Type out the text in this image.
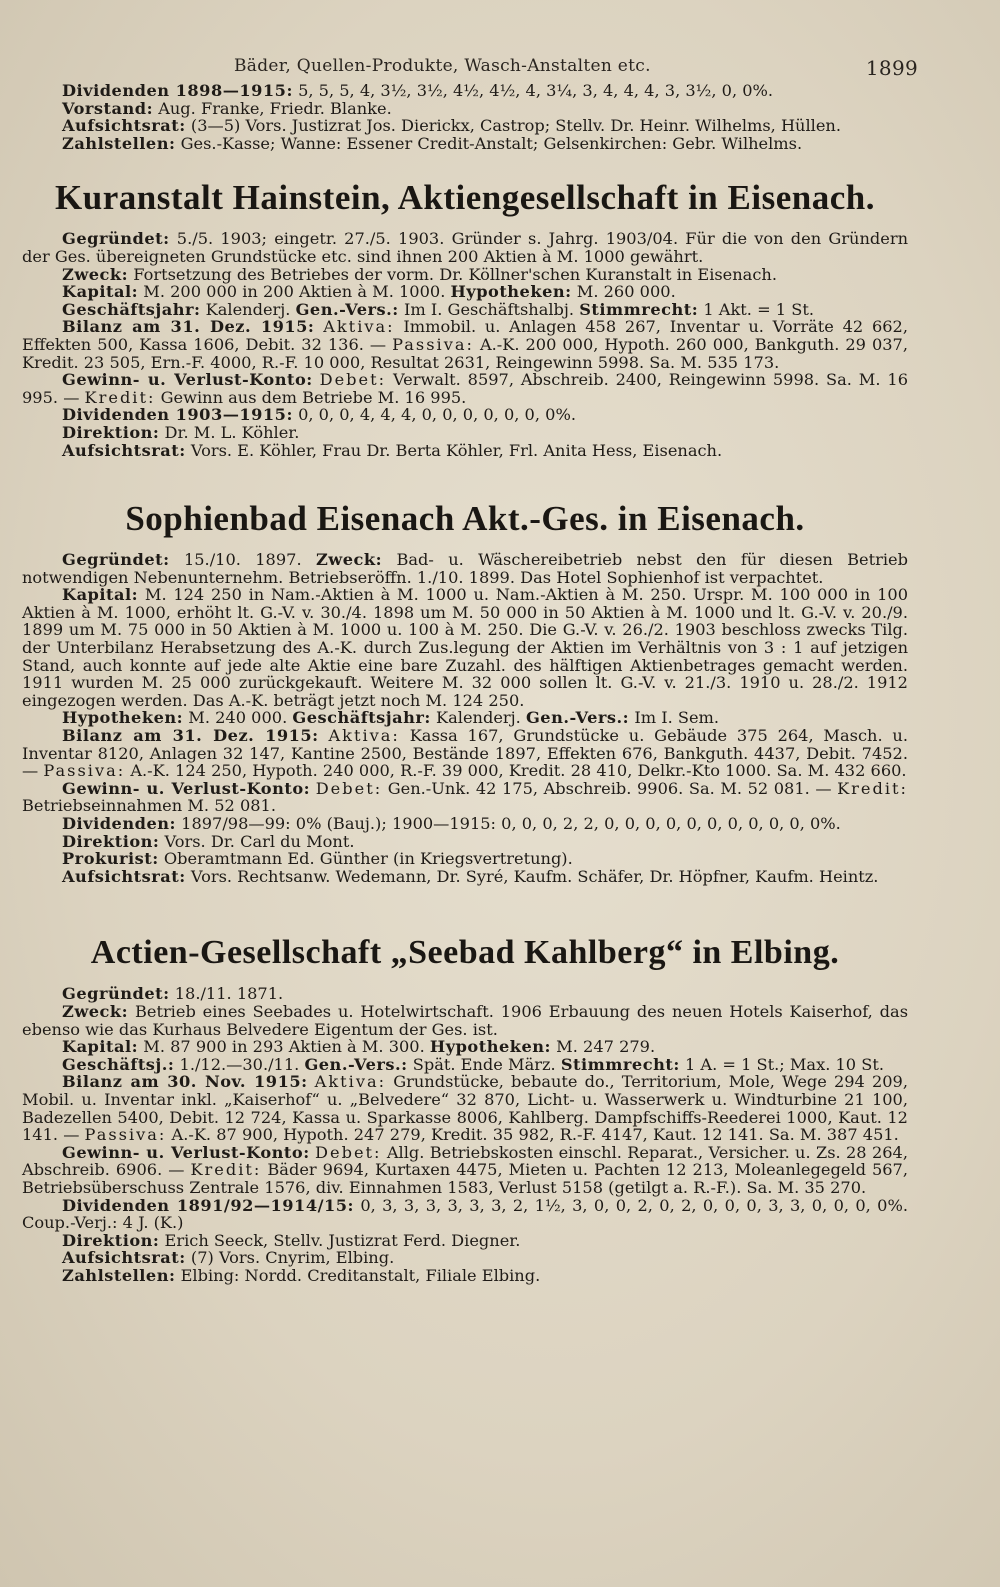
Bäder, Quellen-Produkte, Wasch-Anstalten etc.	1899

Dividenden 1898—1915: 5, 5, 5, 4, 3½, 3½, 4½, 4½, 4, 3¼, 3, 4, 4, 4, 3, 3½, 0, 0%.

Vorstand: Aug. Franke, Friedr. Blanke.

Aufsichtsrat: (3—5) Vors. Justizrat Jos. Dierickx, Castrop; Stellv. Dr. Heinr. Wilhelms, Hüllen.

Zahlstellen: Ges.-Kasse; Wanne: Essener Credit-Anstalt; Gelsenkirchen: Gebr. Wilhelms.

Kuranstalt Hainstein, Aktiengesellschaft in Eisenach.

Gegründet: 5./5. 1903; eingetr. 27./5. 1903. Gründer s. Jahrg. 1903/04. Für die von den Gründern der Ges. übereigneten Grundstücke etc. sind ihnen 200 Aktien à M. 1000 gewährt.

Zweck: Fortsetzung des Betriebes der vorm. Dr. Köllner'schen Kuranstalt in Eisenach.

Kapital: M. 200 000 in 200 Aktien à M. 1000. Hypotheken: M. 260 000.

Geschäftsjahr: Kalenderj. Gen.-Vers.: Im I. Geschäftshalbj. Stimmrecht: 1 Akt. = 1 St.

Bilanz am 31. Dez. 1915: Aktiva: Immobil. u. Anlagen 458 267, Inventar u. Vorräte 42 662, Effekten 500, Kassa 1606, Debit. 32 136. — Passiva: A.-K. 200 000, Hypoth. 260 000, Bankguth. 29 037, Kredit. 23 505, Ern.-F. 4000, R.-F. 10 000, Resultat 2631, Reingewinn 5998. Sa. M. 535 173.

Gewinn- u. Verlust-Konto: Debet: Verwalt. 8597, Abschreib. 2400, Reingewinn 5998. Sa. M. 16 995. — Kredit: Gewinn aus dem Betriebe M. 16 995.

Dividenden 1903—1915: 0, 0, 0, 4, 4, 4, 0, 0, 0, 0, 0, 0, 0%.

Direktion: Dr. M. L. Köhler.

Aufsichtsrat: Vors. E. Köhler, Frau Dr. Berta Köhler, Frl. Anita Hess, Eisenach.

Sophienbad Eisenach Akt.-Ges. in Eisenach.

Gegründet: 15./10. 1897. Zweck: Bad- u. Wäschereibetrieb nebst den für diesen Betrieb notwendigen Nebenunternehm. Betriebseröffn. 1./10. 1899. Das Hotel Sophienhof ist verpachtet.

Kapital: M. 124 250 in Nam.-Aktien à M. 1000 u. Nam.-Aktien à M. 250. Urspr. M. 100 000 in 100 Aktien à M. 1000, erhöht lt. G.-V. v. 30./4. 1898 um M. 50 000 in 50 Aktien à M. 1000 und lt. G.-V. v. 20./9. 1899 um M. 75 000 in 50 Aktien à M. 1000 u. 100 à M. 250. Die G.-V. v. 26./2. 1903 beschloss zwecks Tilg. der Unterbilanz Herabsetzung des A.-K. durch Zus.legung der Aktien im Verhältnis von 3 : 1 auf jetzigen Stand, auch konnte auf jede alte Aktie eine bare Zuzahl. des hälftigen Aktienbetrages gemacht werden. 1911 wurden M. 25 000 zurückgekauft. Weitere M. 32 000 sollen lt. G.-V. v. 21./3. 1910 u. 28./2. 1912 eingezogen werden. Das A.-K. beträgt jetzt noch M. 124 250.

Hypotheken: M. 240 000. Geschäftsjahr: Kalenderj. Gen.-Vers.: Im I. Sem.

Bilanz am 31. Dez. 1915: Aktiva: Kassa 167, Grundstücke u. Gebäude 375 264, Masch. u. Inventar 8120, Anlagen 32 147, Kantine 2500, Bestände 1897, Effekten 676, Bankguth. 4437, Debit. 7452. — Passiva: A.-K. 124 250, Hypoth. 240 000, R.-F. 39 000, Kredit. 28 410, Delkr.-Kto 1000. Sa. M. 432 660.

Gewinn- u. Verlust-Konto: Debet: Gen.-Unk. 42 175, Abschreib. 9906. Sa. M. 52 081. — Kredit: Betriebseinnahmen M. 52 081.

Dividenden: 1897/98—99: 0% (Bauj.); 1900—1915: 0, 0, 0, 2, 2, 0, 0, 0, 0, 0, 0, 0, 0, 0, 0, 0%.

Direktion: Vors. Dr. Carl du Mont.

Prokurist: Oberamtmann Ed. Günther (in Kriegsvertretung).

Aufsichtsrat: Vors. Rechtsanw. Wedemann, Dr. Syré, Kaufm. Schäfer, Dr. Höpfner, Kaufm. Heintz.

Actien-Gesellschaft „Seebad Kahlberg“ in Elbing.

Gegründet: 18./11. 1871.

Zweck: Betrieb eines Seebades u. Hotelwirtschaft. 1906 Erbauung des neuen Hotels Kaiserhof, das ebenso wie das Kurhaus Belvedere Eigentum der Ges. ist.

Kapital: M. 87 900 in 293 Aktien à M. 300. Hypotheken: M. 247 279.

Geschäftsj.: 1./12.—30./11. Gen.-Vers.: Spät. Ende März. Stimmrecht: 1 A. = 1 St.; Max. 10 St.

Bilanz am 30. Nov. 1915: Aktiva: Grundstücke, bebaute do., Territorium, Mole, Wege 294 209, Mobil. u. Inventar inkl. „Kaiserhof“ u. „Belvedere“ 32 870, Licht- u. Wasserwerk u. Windturbine 21 100, Badezellen 5400, Debit. 12 724, Kassa u. Sparkasse 8006, Kahlberg. Dampfschiffs-Reederei 1000, Kaut. 12 141. — Passiva: A.-K. 87 900, Hypoth. 247 279, Kredit. 35 982, R.-F. 4147, Kaut. 12 141. Sa. M. 387 451.

Gewinn- u. Verlust-Konto: Debet: Allg. Betriebskosten einschl. Reparat., Versicher. u. Zs. 28 264, Abschreib. 6906. — Kredit: Bäder 9694, Kurtaxen 4475, Mieten u. Pachten 12 213, Moleanlegegeld 567, Betriebsüberschuss Zentrale 1576, div. Einnahmen 1583, Verlust 5158 (getilgt a. R.-F.). Sa. M. 35 270.

Dividenden 1891/92—1914/15: 0, 3, 3, 3, 3, 3, 3, 2, 1½, 3, 0, 0, 2, 0, 2, 0, 0, 0, 3, 3, 0, 0, 0, 0%. Coup.-Verj.: 4 J. (K.)

Direktion: Erich Seeck, Stellv. Justizrat Ferd. Diegner.

Aufsichtsrat: (7) Vors. Cnyrim, Elbing.

Zahlstellen: Elbing: Nordd. Creditanstalt, Filiale Elbing.
